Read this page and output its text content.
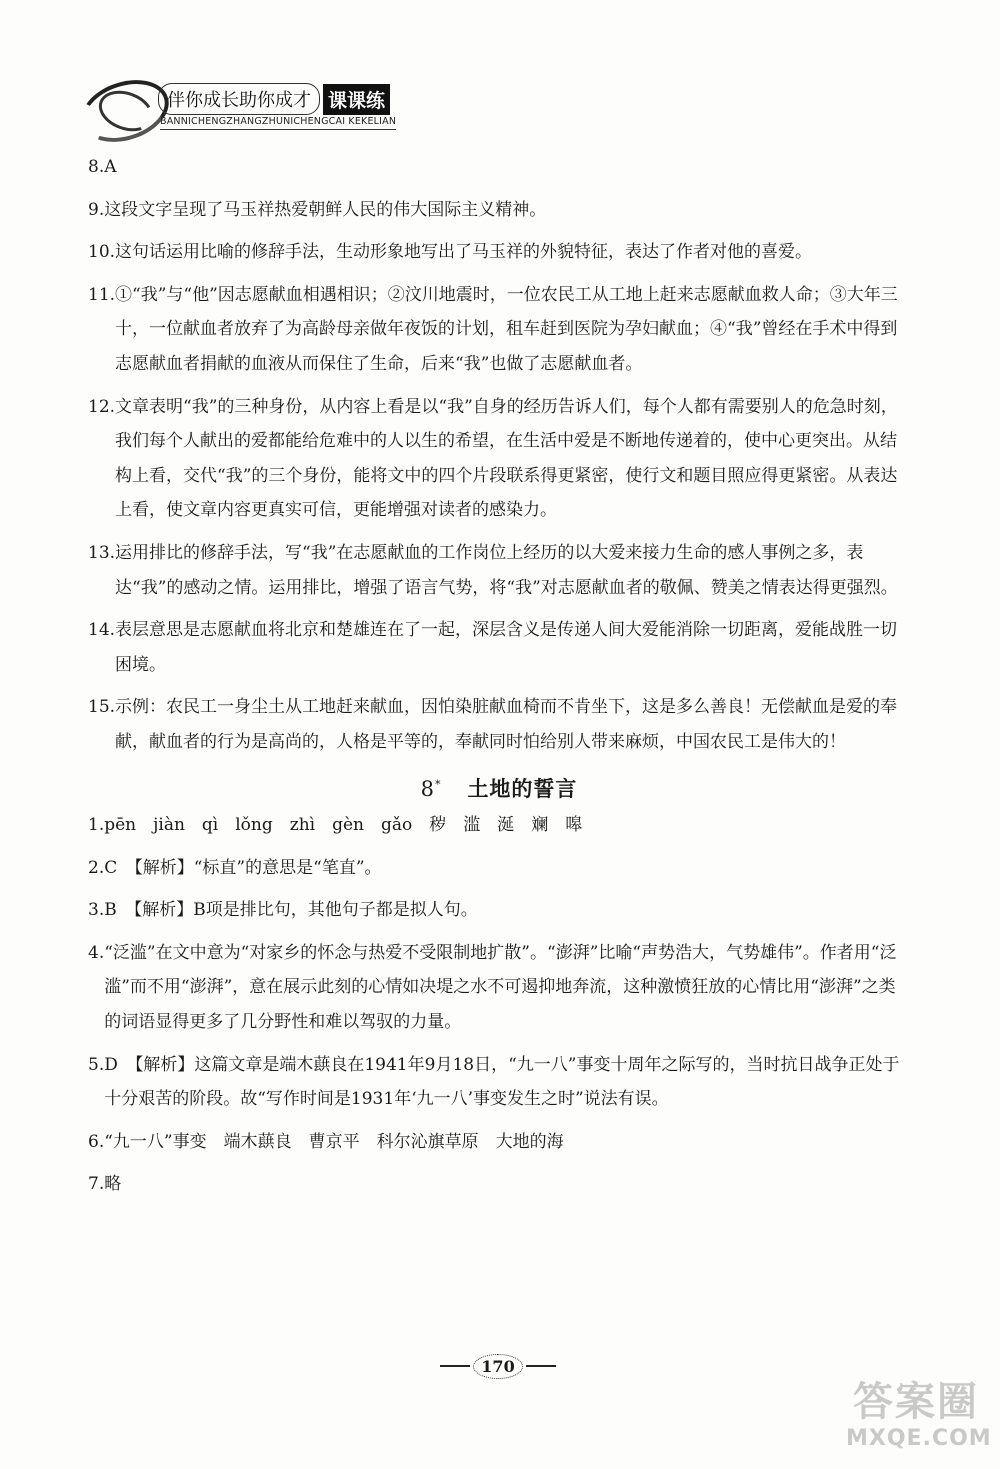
伴你成长助你成才 课课练
BANNICHENGZHANGZHUNICHENGCAI KEKELIAN
8. A
9. 这段文字呈现了马玉祥热爱朝鲜人民的伟大国际主义精神。
10. 这句话运用比喻的修辞手法，生动形象地写出了马玉祥的外貌特征，表达了作者对他的喜爱。
11. ①“我”与“他”因志愿献血相遇相识；②汶川地震时，一位农民工从工地上赶来志愿献血救人命；③大年三十，一位献血者放弃了为高龄母亲做年夜饭的计划，租车赶到医院为孕妇献血；④“我”曾经在手术中得到志愿献血者捐献的血液从而保住了生命，后来“我”也做了志愿献血者。
12. 文章表明“我”的三种身份，从内容上看是以“我”自身的经历告诉人们，每个人都有需要别人的危急时刻，我们每个人献出的爱都能给危难中的人以生的希望，在生活中爱是不断地传递着的，使中心更突出。从结构上看，交代“我”的三个身份，能将文中的四个片段联系得更紧密，使行文和题目照应得更紧密。从表达上看，使文章内容更真实可信，更能增强对读者的感染力。
13. 运用排比的修辞手法，写“我”在志愿献血的工作岗位上经历的以大爱来接力生命的感人事例之多，表达“我”的感动之情。运用排比，增强了语言气势，将“我”对志愿献血者的敬佩、赞美之情表达得更强烈。
14. 表层意思是志愿献血将北京和楚雄连在了一起，深层含义是传递人间大爱能消除一切距离，爱能战胜一切困境。
15. 示例：农民工一身尘土从工地赶来献血，因怕染脏献血椅而不肯坐下，这是多么善良！无偿献血是爱的奉献，献血者的行为是高尚的，人格是平等的，奉献同时怕给别人带来麻烦，中国农民工是伟大的！
8* 土地的誓言
1. pēn　jiàn　qì　lǒng　zhì　gèn　gǎo　秽　滥　涎　斓　嗥
2. C　【解析】“标直”的意思是“笔直”。
3. B　【解析】B项是排比句，其他句子都是拟人句。
4. “泛滥”在文中意为“对家乡的怀念与热爱不受限制地扩散”。“澎湃”比喻“声势浩大，气势雄伟”。作者用“泛滥”而不用“澎湃”，意在展示此刻的心情如决堤之水不可遏抑地奔流，这种激愤狂放的心情比用“澎湃”之类的词语显得更多了几分野性和难以驾驭的力量。
5. D　【解析】这篇文章是端木蕻良在1941年9月18日，“九一八”事变十周年之际写的，当时抗日战争正处于十分艰苦的阶段。故“写作时间是1931年‘九一八’事变发生之时”说法有误。
6. “九一八”事变　端木蕻良　曹京平　科尔沁旗草原　大地的海
7. 略
170
答案圈
MXQE.COM
